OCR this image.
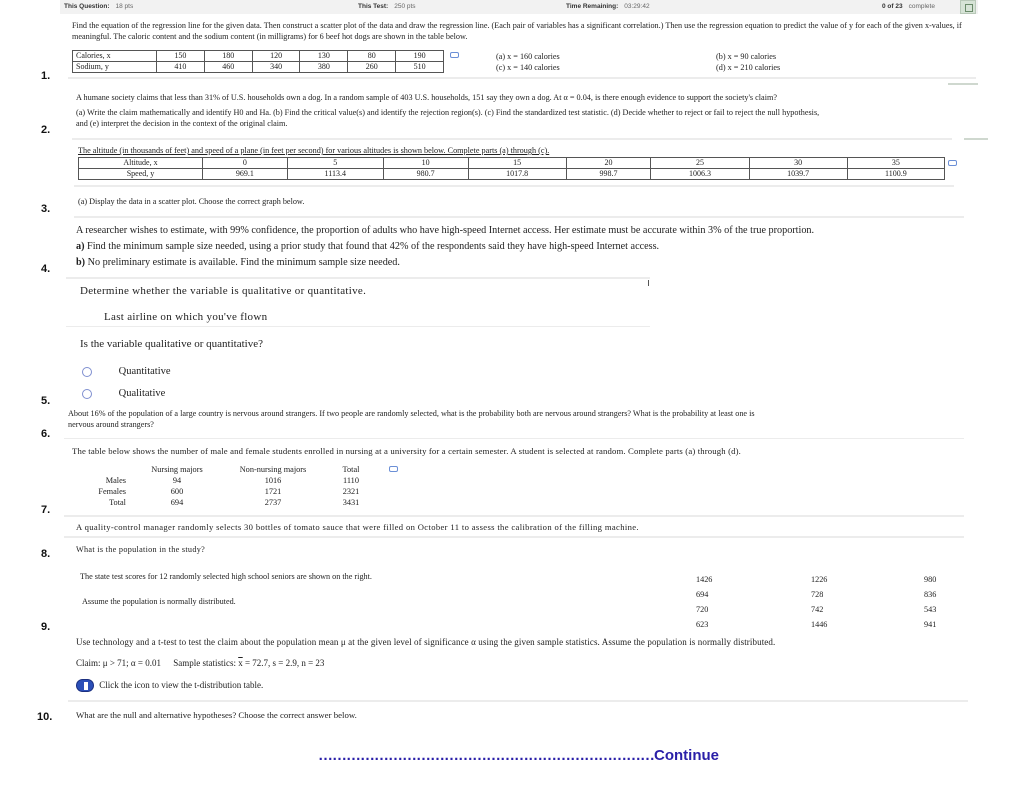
This Question: 18 pts	This Test: 250 pts	Time Remaining: 03:29:42	0 of 23 complete
Find the equation of the regression line for the given data. Then construct a scatter plot of the data and draw the regression line. (Each pair of variables has a significant correlation.) Then use the regression equation to predict the value of y for each of the given x-values, if meaningful. The caloric content and the sodium content (in milligrams) for 6 beef hot dogs are shown in the table below.
Calories, x	150	180	120	130	80	190
Sodium, y	410	460	340	380	260	510
(a) x = 160 calories	(b) x = 90 calories
(c) x = 140 calories	(d) x = 210 calories
1.
A humane society claims that less than 31% of U.S. households own a dog. In a random sample of 403 U.S. households, 151 say they own a dog. At α = 0.04, is there enough evidence to support the society's claim?
(a) Write the claim mathematically and identify H0 and Ha. (b) Find the critical value(s) and identify the rejection region(s). (c) Find the standardized test statistic. (d) Decide whether to reject or fail to reject the null hypothesis,
and (e) interpret the decision in the context of the original claim.
2.
The altitude (in thousands of feet) and speed of a plane (in feet per second) for various altitudes is shown below. Complete parts (a) through (c).
Altitude, x	0	5	10	15	20	25	30	35
Speed, y	969.1	1113.4	980.7	1017.8	998.7	1006.3	1039.7	1100.9
(a) Display the data in a scatter plot. Choose the correct graph below.
3.
A researcher wishes to estimate, with 99% confidence, the proportion of adults who have high-speed Internet access. Her estimate must be accurate within 3% of the true proportion.
a) Find the minimum sample size needed, using a prior study that found that 42% of the respondents said they have high-speed Internet access.
b) No preliminary estimate is available. Find the minimum sample size needed.
4.
Determine whether the variable is qualitative or quantitative.
Last airline on which you've flown
Is the variable qualitative or quantitative?
Quantitative
Qualitative
5.
About 16% of the population of a large country is nervous around strangers. If two people are randomly selected, what is the probability both are nervous around strangers? What is the probability at least one is
nervous around strangers?
6.
The table below shows the number of male and female students enrolled in nursing at a university for a certain semester. A student is selected at random. Complete parts (a) through (d).
	Nursing majors	Non-nursing majors	Total	
Males	94	1016	1110	
Females	600	1721	2321	
Total	694	2737	3431	
7.
A quality-control manager randomly selects 30 bottles of tomato sauce that were filled on October 11 to assess the calibration of the filling machine.
What is the population in the study?
8.
The state test scores for 12 randomly selected high school seniors are shown on the right.
Assume the population is normally distributed.
1426	1226	980
694	728	836
720	742	543
623	1446	941
9.
Use technology and a t-test to test the claim about the population mean μ at the given level of significance α using the given sample statistics. Assume the population is normally distributed.
Claim: μ > 71; α = 0.01 Sample statistics: $\overline{x} = 72.7$, s = 2.9, n = 23
Click the icon to view the t-distribution table.
What are the null and alternative hypotheses? Choose the correct answer below.
10.
………………………………………………………………Continue
